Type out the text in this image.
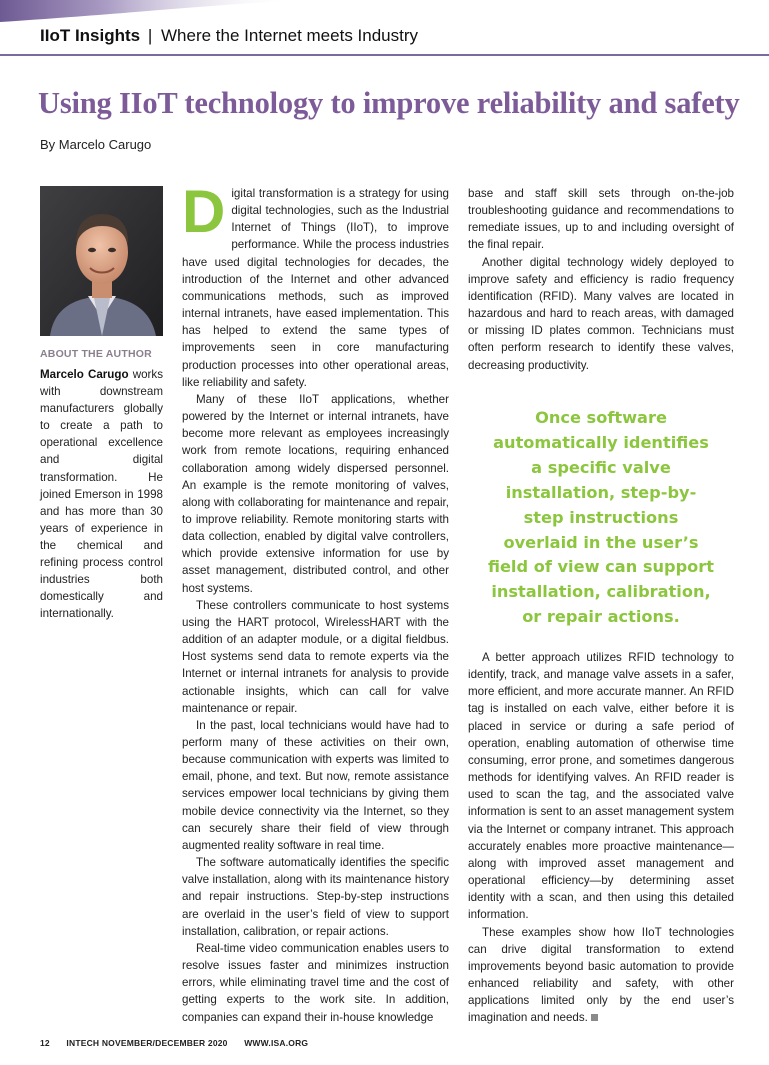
IIoT Insights | Where the Internet meets Industry
Using IIoT technology to improve reliability and safety
By Marcelo Carugo
ABOUT THE AUTHOR

Marcelo Carugo works with downstream manufacturers globally to create a path to operational excellence and digital transformation. He joined Emerson in 1998 and has more than 30 years of experience in the chemical and refining process control industries both domestically and internationally.

Digital transformation is a strategy for using digital technologies, such as the Industrial Internet of Things (IIoT), to improve performance. While the process industries have used digital technologies for decades, the introduction of the Internet and other advanced communications methods, such as improved internal intranets, have eased implementation. This has helped to extend the same types of improvements seen in core manufacturing production processes into other operational areas, like reliability and safety.

Many of these IIoT applications, whether powered by the Internet or internal intranets, have become more relevant as employees increasingly work from remote locations, requiring enhanced collaboration among widely dispersed personnel. An example is the remote monitoring of valves, along with collaborating for maintenance and repair, to improve reliability. Remote monitoring starts with data collection, enabled by digital valve controllers, which provide extensive information for use by asset management, distributed control, and other host systems.

These controllers communicate to host systems using the HART protocol, WirelessHART with the addition of an adapter module, or a digital fieldbus. Host systems send data to remote experts via the Internet or internal intranets for analysis to provide actionable insights, which can call for valve maintenance or repair.

In the past, local technicians would have had to perform many of these activities on their own, because communication with experts was limited to email, phone, and text. But now, remote assistance services empower local technicians by giving them mobile device connectivity via the Internet, so they can securely share their field of view through augmented reality software in real time.

The software automatically identifies the specific valve installation, along with its maintenance history and repair instructions. Step-by-step instructions are overlaid in the user’s field of view to support installation, calibration, or repair actions.

Real-time video communication enables users to resolve issues faster and minimizes instruction errors, while eliminating travel time and the cost of getting experts to the work site. In addition, companies can expand their in-house knowledge

base and staff skill sets through on-the-job troubleshooting guidance and recommendations to remediate issues, up to and including oversight of the final repair.

Another digital technology widely deployed to improve safety and efficiency is radio frequency identification (RFID). Many valves are located in hazardous and hard to reach areas, with damaged or missing ID plates common. Technicians must often perform research to identify these valves, decreasing productivity.

Once software automatically identifies a specific valve installation, step-by-step instructions overlaid in the user’s field of view can support installation, calibration, or repair actions.

A better approach utilizes RFID technology to identify, track, and manage valve assets in a safer, more efficient, and more accurate manner. An RFID tag is installed on each valve, either before it is placed in service or during a safe period of operation, enabling automation of otherwise time consuming, error prone, and sometimes dangerous methods for identifying valves. An RFID reader is used to scan the tag, and the associated valve information is sent to an asset management system via the Internet or company intranet. This approach accurately enables more proactive maintenance—along with improved asset management and operational efficiency—by determining asset identity with a scan, and then using this detailed information.

These examples show how IIoT technologies can drive digital transformation to extend improvements beyond basic automation to provide enhanced reliability and safety, with other applications limited only by the end user’s imagination and needs.

12 INTECH NOVEMBER/DECEMBER 2020 WWW.ISA.ORG
